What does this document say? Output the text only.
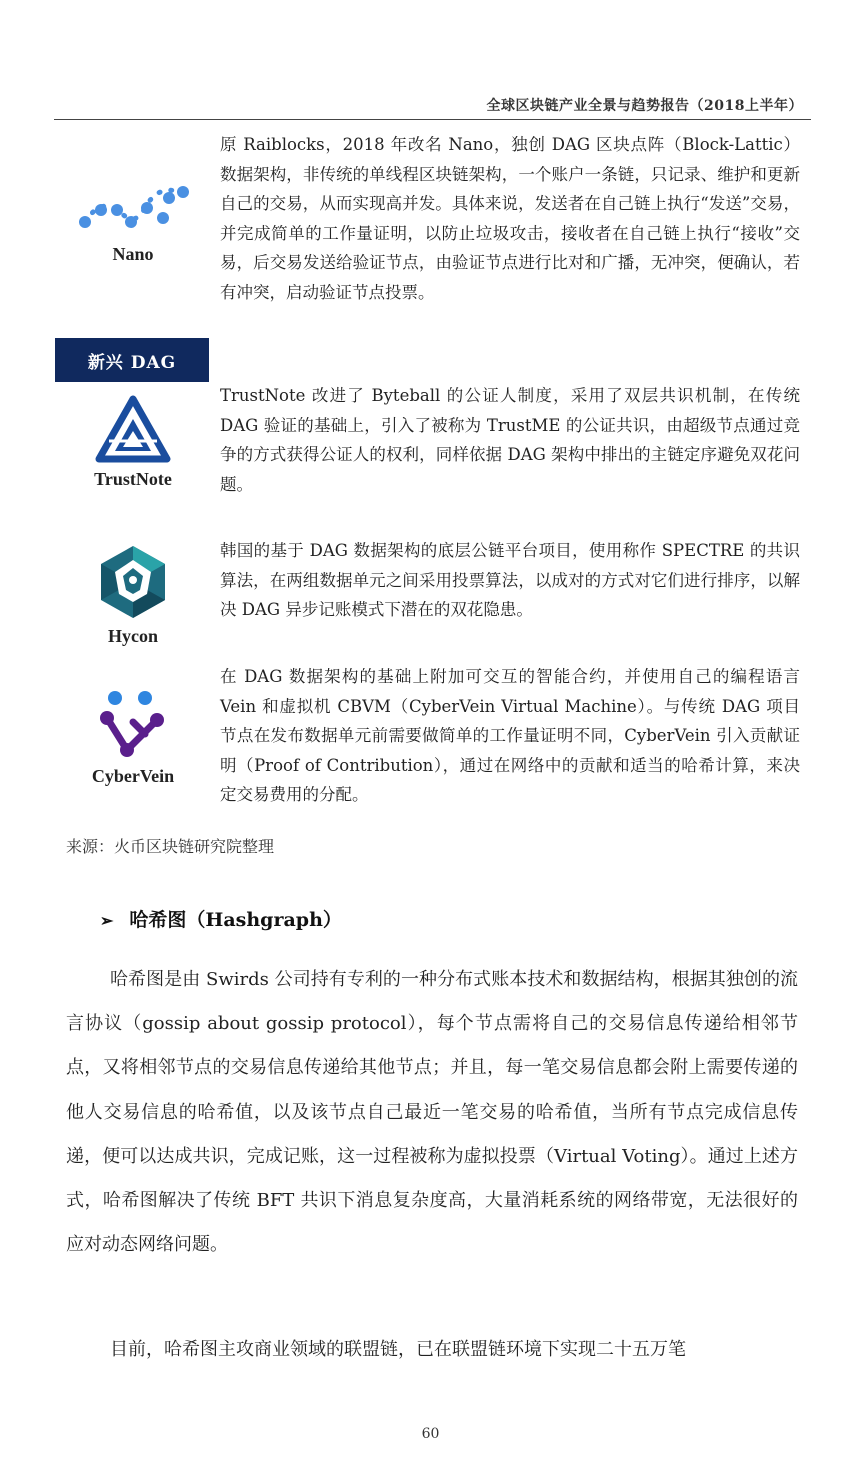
全球区块链产业全景与趋势报告（2018上半年）
Nano
原 Raiblocks，2018 年改名 Nano，独创 DAG 区块点阵（Block-Lattic）数据架构，非传统的单线程区块链架构，一个账户一条链，只记录、维护和更新自己的交易，从而实现高并发。具体来说，发送者在自己链上执行“发送”交易，并完成简单的工作量证明，以防止垃圾攻击，接收者在自己链上执行“接收”交易，后交易发送给验证节点，由验证节点进行比对和广播，无冲突，便确认，若有冲突，启动验证节点投票。
新兴 DAG
TrustNote
TrustNote 改进了 Byteball 的公证人制度，采用了双层共识机制，在传统 DAG 验证的基础上，引入了被称为 TrustME 的公证共识，由超级节点通过竞争的方式获得公证人的权利，同样依据 DAG 架构中排出的主链定序避免双花问题。
Hycon
韩国的基于 DAG 数据架构的底层公链平台项目，使用称作 SPECTRE 的共识算法，在两组数据单元之间采用投票算法，以成对的方式对它们进行排序，以解决 DAG 异步记账模式下潜在的双花隐患。
CyberVein
在 DAG 数据架构的基础上附加可交互的智能合约，并使用自己的编程语言 Vein 和虚拟机 CBVM（CyberVein Virtual Machine）。与传统 DAG 项目节点在发布数据单元前需要做简单的工作量证明不同，CyberVein 引入贡献证明（Proof of Contribution），通过在网络中的贡献和适当的哈希计算，来决定交易费用的分配。
来源：火币区块链研究院整理
➢ 哈希图（Hashgraph）
哈希图是由 Swirds 公司持有专利的一种分布式账本技术和数据结构，根据其独创的流言协议（gossip about gossip protocol），每个节点需将自己的交易信息传递给相邻节点，又将相邻节点的交易信息传递给其他节点；并且，每一笔交易信息都会附上需要传递的他人交易信息的哈希值，以及该节点自己最近一笔交易的哈希值，当所有节点完成信息传递，便可以达成共识，完成记账，这一过程被称为虚拟投票（Virtual Voting）。通过上述方式，哈希图解决了传统 BFT 共识下消息复杂度高，大量消耗系统的网络带宽，无法很好的应对动态网络问题。
目前，哈希图主攻商业领域的联盟链，已在联盟链环境下实现二十五万笔
60
